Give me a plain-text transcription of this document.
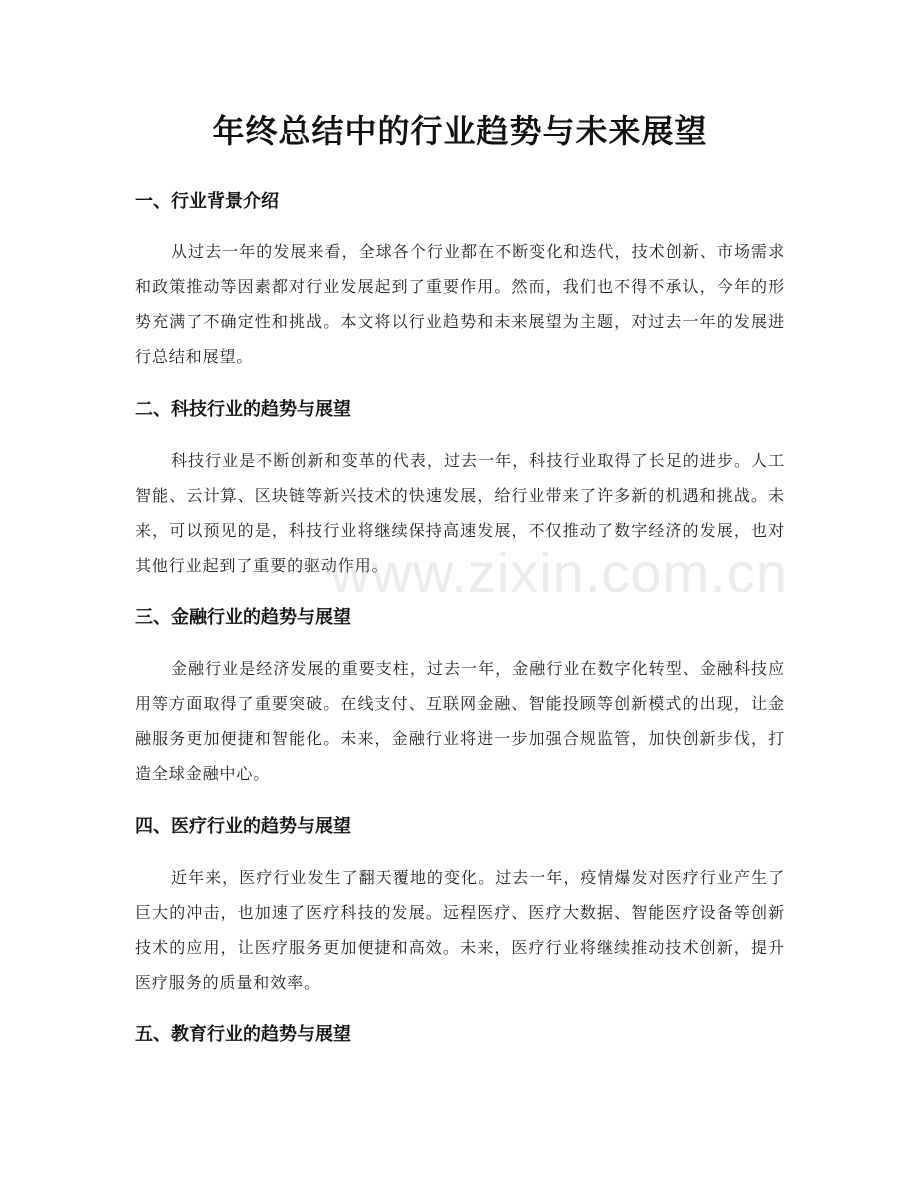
年终总结中的行业趋势与未来展望
一、行业背景介绍

从过去一年的发展来看，全球各个行业都在不断变化和迭代，技术创新、市场需求和政策推动等因素都对行业发展起到了重要作用。然而，我们也不得不承认，今年的形势充满了不确定性和挑战。本文将以行业趋势和未来展望为主题，对过去一年的发展进行总结和展望。

二、科技行业的趋势与展望

科技行业是不断创新和变革的代表，过去一年，科技行业取得了长足的进步。人工智能、云计算、区块链等新兴技术的快速发展，给行业带来了许多新的机遇和挑战。未来，可以预见的是，科技行业将继续保持高速发展，不仅推动了数字经济的发展，也对其他行业起到了重要的驱动作用。

三、金融行业的趋势与展望

金融行业是经济发展的重要支柱，过去一年，金融行业在数字化转型、金融科技应用等方面取得了重要突破。在线支付、互联网金融、智能投顾等创新模式的出现，让金融服务更加便捷和智能化。未来，金融行业将进一步加强合规监管，加快创新步伐，打造全球金融中心。

四、医疗行业的趋势与展望

近年来，医疗行业发生了翻天覆地的变化。过去一年，疫情爆发对医疗行业产生了巨大的冲击，也加速了医疗科技的发展。远程医疗、医疗大数据、智能医疗设备等创新技术的应用，让医疗服务更加便捷和高效。未来，医疗行业将继续推动技术创新，提升医疗服务的质量和效率。

五、教育行业的趋势与展望
www.zixin.com.cn
